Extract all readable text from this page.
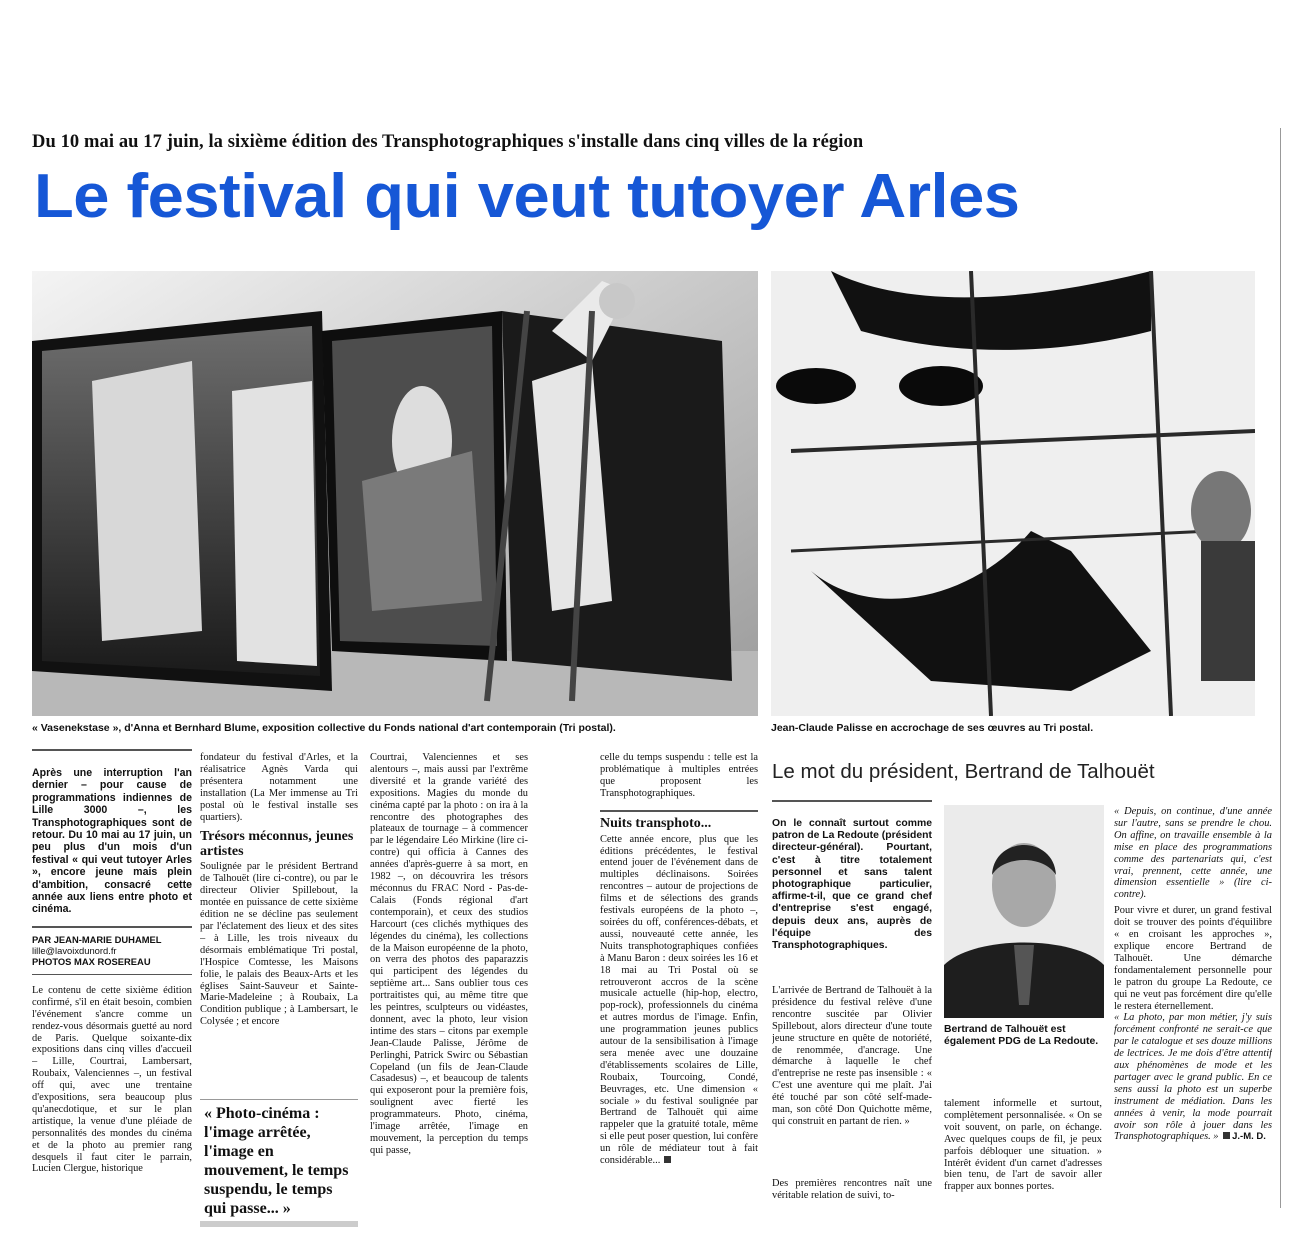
Du 10 mai au 17 juin, la sixième édition des Transphotographiques s'installe dans cinq villes de la région
Le festival qui veut tutoyer Arles
« Vasenekstase », d'Anna et Bernhard Blume, exposition collective du Fonds national d'art contemporain (Tri postal).	Jean-Claude Palisse en accrochage de ses œuvres au Tri postal.
Après une interruption l'an dernier – pour cause de programmations indiennes de Lille 3000 –, les Transphotographiques sont de retour. Du 10 mai au 17 juin, un peu plus d'un mois d'un festival « qui veut tutoyer Arles », encore jeune mais plein d'ambition, consacré cette année aux liens entre photo et cinéma.
PAR JEAN-MARIE DUHAMEL
lille@lavoixdunord.fr
PHOTOS MAX ROSEREAU
Le contenu de cette sixième édition confirmé, s'il en était besoin, combien l'événement s'ancre comme un rendez-vous désormais guetté au nord de Paris. Quelque soixante-dix expositions dans cinq villes d'accueil – Lille, Courtrai, Lambersart, Roubaix, Valenciennes –, un festival off qui, avec une trentaine d'expositions, sera beaucoup plus qu'anecdotique, et sur le plan artistique, la venue d'une pléiade de personnalités des mondes du cinéma et de la photo au premier rang desquels il faut citer le parrain, Lucien Clergue, historique
fondateur du festival d'Arles, et la réalisatrice Agnès Varda qui présentera notamment une installation (La Mer immense au Tri postal où le festival installe ses quartiers).
Trésors méconnus, jeunes artistes
Soulignée par le président Bertrand de Talhouët (lire ci-contre), ou par le directeur Olivier Spillebout, la montée en puissance de cette sixième édition ne se décline pas seulement par l'éclatement des lieux et des sites – à Lille, les trois niveaux du désormais emblématique Tri postal, l'Hospice Comtesse, les Maisons folie, le palais des Beaux-Arts et les églises Saint-Sauveur et Sainte-Marie-Madeleine ; à Roubaix, La Condition publique ; à Lambersart, le Colysée ; et encore
« Photo-cinéma : l'image arrêtée, l'image en mouvement, le temps suspendu, le temps qui passe... »
Courtrai, Valenciennes et ses alentours –, mais aussi par l'extrême diversité et la grande variété des expositions. Magies du monde du cinéma capté par la photo : on ira à la rencontre des photographes des plateaux de tournage – à commencer par le légendaire Léo Mirkine (lire ci-contre) qui officia à Cannes des années d'après-guerre à sa mort, en 1982 –, on découvrira les trésors méconnus du FRAC Nord - Pas-de-Calais (Fonds régional d'art contemporain), et ceux des studios Harcourt (ces clichés mythiques des légendes du cinéma), les collections de la Maison européenne de la photo, on verra des photos des paparazzis qui participent des légendes du septième art... Sans oublier tous ces portraitistes qui, au même titre que les peintres, sculpteurs ou vidéastes, donnent, avec la photo, leur vision intime des stars – citons par exemple Jean-Claude Palisse, Jérôme de Perlinghi, Patrick Swirc ou Sébastian Copeland (un fils de Jean-Claude Casadesus) –, et beaucoup de talents qui exposeront pour la première fois, soulignent avec fierté les programmateurs. Photo, cinéma, l'image arrêtée, l'image en mouvement, la perception du temps qui passe,
celle du temps suspendu : telle est la problématique à multiples entrées que proposent les Transphotographiques.
Nuits transphoto...
Cette année encore, plus que les éditions précédentes, le festival entend jouer de l'événement dans de multiples déclinaisons. Soirées rencontres – autour de projections de films et de sélections des grands festivals européens de la photo –, soirées du off, conférences-débats, et aussi, nouveauté cette année, les Nuits transphotographiques confiées à Manu Baron : deux soirées les 16 et 18 mai au Tri Postal où se retrouveront accros de la scène musicale actuelle (hip-hop, electro, pop-rock), professionnels du cinéma et autres mordus de l'image. Enfin, une programmation jeunes publics autour de la sensibilisation à l'image sera menée avec une douzaine d'établissements scolaires de Lille, Roubaix, Tourcoing, Condé, Beuvrages, etc. Une dimension « sociale » du festival soulignée par Bertrand de Talhouët qui aime rappeler que la gratuité totale, même si elle peut poser question, lui confère un rôle de médiateur tout à fait considérable...
Le mot du président, Bertrand de Talhouët
On le connaît surtout comme patron de La Redoute (président directeur-général). Pourtant, c'est à titre totalement personnel et sans talent photographique particulier, affirme-t-il, que ce grand chef d'entreprise s'est engagé, depuis deux ans, auprès de l'équipe des Transphotographiques.
L'arrivée de Bertrand de Talhouët à la présidence du festival relève d'une rencontre suscitée par Olivier Spillebout, alors directeur d'une toute jeune structure en quête de notoriété, de renommée, d'ancrage. Une démarche à laquelle le chef d'entreprise ne reste pas insensible : « C'est une aventure qui me plaît. J'ai été touché par son côté self-made-man, son côté Don Quichotte même, qui construit en partant de rien. »
Des premières rencontres naît une véritable relation de suivi, to-
Bertrand de Talhouët est également PDG de La Redoute.
talement informelle et surtout, complètement personnalisée. « On se voit souvent, on parle, on échange. Avec quelques coups de fil, je peux parfois débloquer une situation. » Intérêt évident d'un carnet d'adresses bien tenu, de l'art de savoir aller frapper aux bonnes portes.
« Depuis, on continue, d'une année sur l'autre, sans se prendre le chou. On affine, on travaille ensemble à la mise en place des programmations comme des partenariats qui, c'est vrai, prennent, cette année, une dimension essentielle » (lire ci-contre).
Pour vivre et durer, un grand festival doit se trouver des points d'équilibre « en croisant les approches », explique encore Bertrand de Talhouët. Une démarche fondamentalement personnelle pour le patron du groupe La Redoute, ce qui ne veut pas forcément dire qu'elle le restera éternellement.
« La photo, par mon métier, j'y suis forcément confronté ne serait-ce que par le catalogue et ses douze millions de lectrices. Je me dois d'être attentif aux phénomènes de mode et les partager avec le grand public. En ce sens aussi la photo est un superbe instrument de médiation. Dans les années à venir, la mode pourrait avoir son rôle à jouer dans les Transphotographiques. » J.-M. D.
